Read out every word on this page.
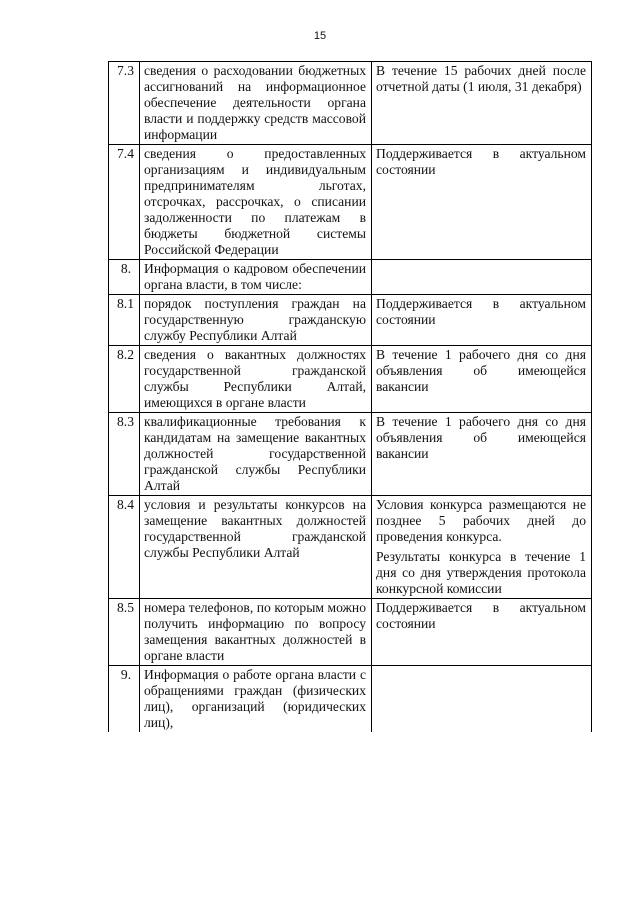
15
7.3	сведения о расходовании бюджетных ассигнований на информационное обеспечение деятельности органа власти и поддержку средств массовой информации	В течение 15 рабочих дней после отчетной даты (1 июля, 31 декабря)

7.4	сведения о предоставленных организациям и индивидуальным предпринимателям льготах, отсрочках, рассрочках, о списании задолженности по платежам в бюджеты бюджетной системы Российской Федерации	Поддерживается в актуальном состоянии

8.	Информация о кадровом обеспечении органа власти, в том числе:	
8.1	порядок поступления граждан на государственную гражданскую службу Республики Алтай	Поддерживается в актуальном состоянии

8.2	сведения о вакантных должностях государственной гражданской службы Республики Алтай, имеющихся в органе власти	В течение 1 рабочего дня со дня объявления об имеющейся вакансии

8.3	квалификационные требования к кандидатам на замещение вакантных должностей государственной гражданской службы Республики Алтай	В течение 1 рабочего дня со дня объявления об имеющейся вакансии

8.4	условия и результаты конкурсов на замещение вакантных должностей государственной гражданской службы Республики Алтай	Условия конкурса размещаются не позднее 5 рабочих дней до проведения конкурса.
Результаты конкурса в течение 1 дня со дня утверждения протокола конкурсной комиссии

8.5	номера телефонов, по которым можно получить информацию по вопросу замещения вакантных должностей в органе власти	Поддерживается в актуальном состоянии

9.	Информация о работе органа власти с обращениями граждан (физических лиц), организаций (юридических лиц),	
